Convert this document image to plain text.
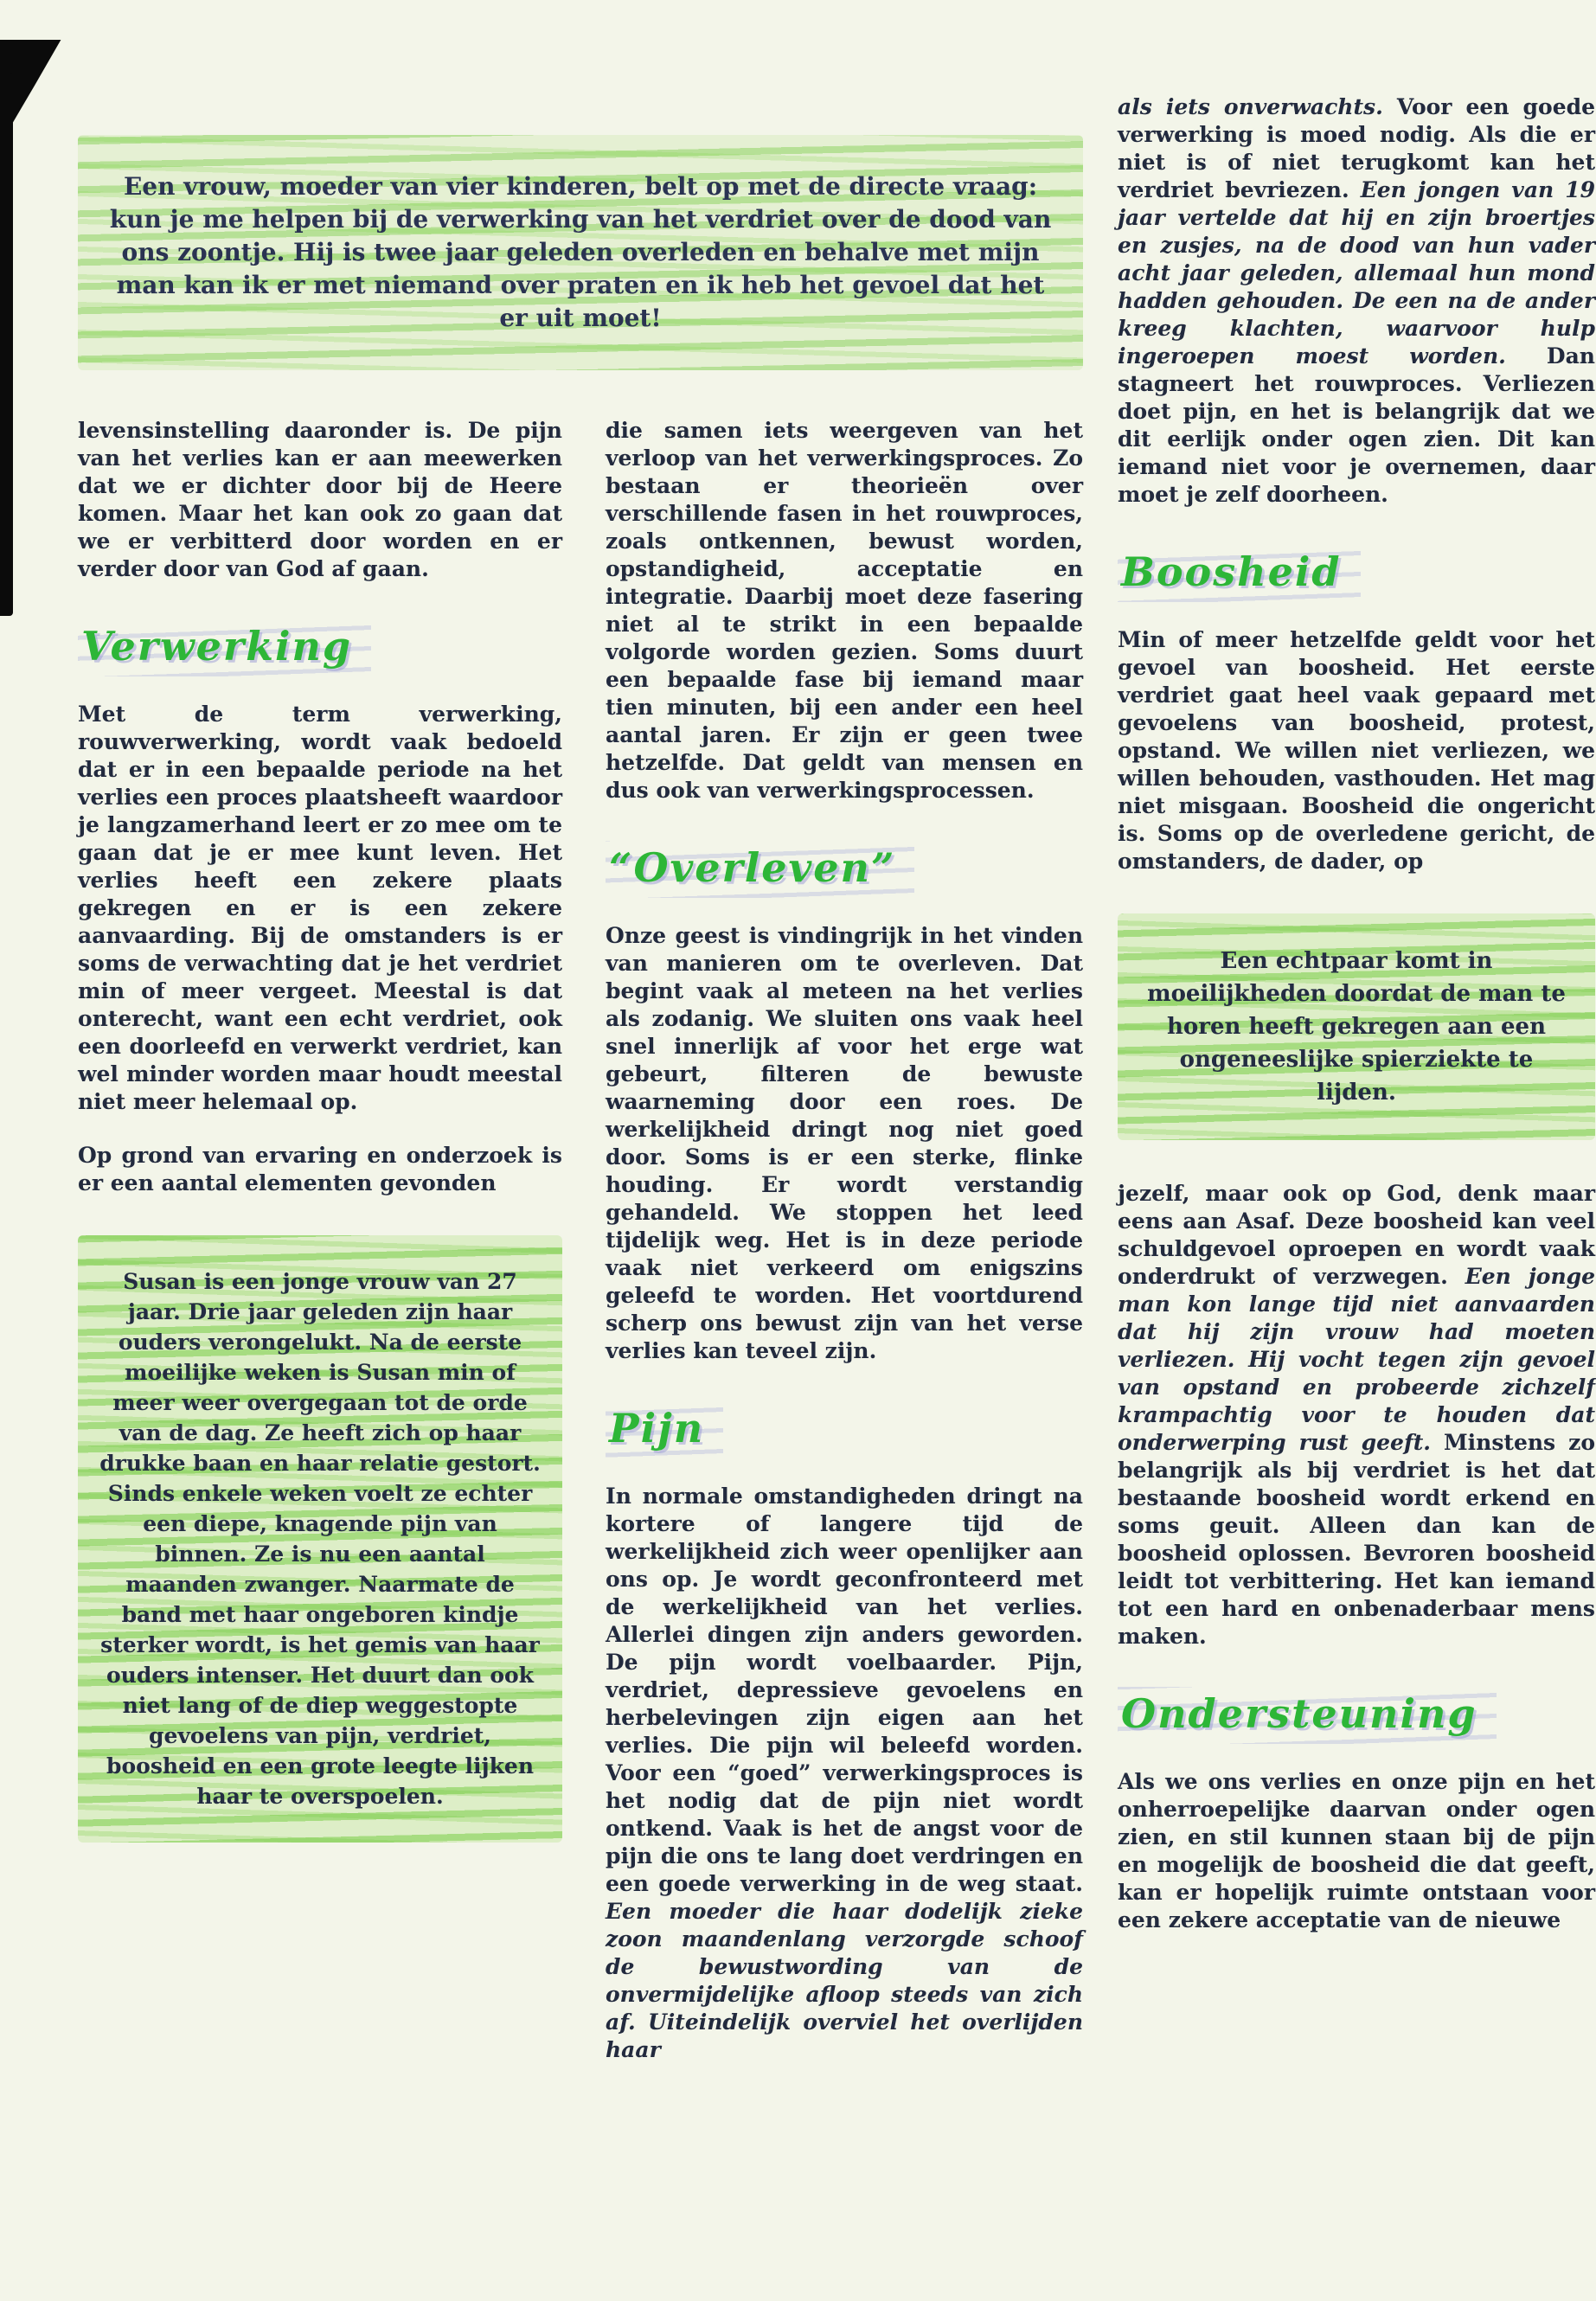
Een vrouw, moeder van vier kinderen, belt op met de directe vraag: kun je me helpen bij de verwerking van het verdriet over de dood van ons zoontje. Hij is twee jaar geleden overleden en behalve met mijn man kan ik er met niemand over praten en ik heb het gevoel dat het er uit moet!

levensinstelling daaronder is. De pijn van het verlies kan er aan meewerken dat we er dichter door bij de Heere komen. Maar het kan ook zo gaan dat we er verbitterd door worden en er verder door van God af gaan.

Verwerking

Met de term verwerking, rouwverwerking, wordt vaak bedoeld dat er in een bepaalde periode na het verlies een proces plaatsheeft waardoor je langzamerhand leert er zo mee om te gaan dat je er mee kunt leven. Het verlies heeft een zekere plaats gekregen en er is een zekere aanvaarding. Bij de omstanders is er soms de verwachting dat je het verdriet min of meer vergeet. Meestal is dat onterecht, want een echt verdriet, ook een doorleefd en verwerkt verdriet, kan wel minder worden maar houdt meestal niet meer helemaal op.

Op grond van ervaring en onderzoek is er een aantal elementen gevonden

Susan is een jonge vrouw van 27 jaar. Drie jaar geleden zijn haar ouders verongelukt. Na de eerste moeilijke weken is Susan min of meer weer overgegaan tot de orde van de dag. Ze heeft zich op haar drukke baan en haar relatie gestort. Sinds enkele weken voelt ze echter een diepe, knagende pijn van binnen. Ze is nu een aantal maanden zwanger. Naarmate de band met haar ongeboren kindje sterker wordt, is het gemis van haar ouders intenser. Het duurt dan ook niet lang of de diep weggestopte gevoelens van pijn, verdriet, boosheid en een grote leegte lijken haar te overspoelen.

die samen iets weergeven van het verloop van het verwerkingsproces. Zo bestaan er theorieën over verschillende fasen in het rouwproces, zoals ontkennen, bewust worden, opstandigheid, acceptatie en integratie. Daarbij moet deze fasering niet al te strikt in een bepaalde volgorde worden gezien. Soms duurt een bepaalde fase bij iemand maar tien minuten, bij een ander een heel aantal jaren. Er zijn er geen twee hetzelfde. Dat geldt van mensen en dus ook van verwerkingsprocessen.

“Overleven”

Onze geest is vindingrijk in het vinden van manieren om te overleven. Dat begint vaak al meteen na het verlies als zodanig. We sluiten ons vaak heel snel innerlijk af voor het erge wat gebeurt, filteren de bewuste waarneming door een roes. De werkelijkheid dringt nog niet goed door. Soms is er een sterke, flinke houding. Er wordt verstandig gehandeld. We stoppen het leed tijdelijk weg. Het is in deze periode vaak niet verkeerd om enigszins geleefd te worden. Het voortdurend scherp ons bewust zijn van het verse verlies kan teveel zijn.

Pijn

In normale omstandigheden dringt na kortere of langere tijd de werkelijkheid zich weer openlijker aan ons op. Je wordt geconfronteerd met de werkelijkheid van het verlies. Allerlei dingen zijn anders geworden. De pijn wordt voelbaarder. Pijn, verdriet, depressieve gevoelens en herbelevingen zijn eigen aan het verlies. Die pijn wil beleefd worden. Voor een “goed” verwerkingsproces is het nodig dat de pijn niet wordt ontkend. Vaak is het de angst voor de pijn die ons te lang doet verdringen en een goede verwerking in de weg staat. Een moeder die haar dodelijk zieke zoon maandenlang verzorgde schoof de bewustwording van de onvermijdelijke afloop steeds van zich af. Uiteindelijk overviel het overlijden haar

als iets onverwachts. Voor een goede verwerking is moed nodig. Als die er niet is of niet terugkomt kan het verdriet bevriezen. Een jongen van 19 jaar vertelde dat hij en zijn broertjes en zusjes, na de dood van hun vader acht jaar geleden, allemaal hun mond hadden gehouden. De een na de ander kreeg klachten, waarvoor hulp ingeroepen moest worden. Dan stagneert het rouwproces. Verliezen doet pijn, en het is belangrijk dat we dit eerlijk onder ogen zien. Dit kan iemand niet voor je overnemen, daar moet je zelf doorheen.

Boosheid

Min of meer hetzelfde geldt voor het gevoel van boosheid. Het eerste verdriet gaat heel vaak gepaard met gevoelens van boosheid, protest, opstand. We willen niet verliezen, we willen behouden, vasthouden. Het mag niet misgaan. Boosheid die ongericht is. Soms op de overledene gericht, de omstanders, de dader, op

Een echtpaar komt in moeilijkheden doordat de man te horen heeft gekregen aan een ongeneeslijke spierziekte te lijden.

jezelf, maar ook op God, denk maar eens aan Asaf. Deze boosheid kan veel schuldgevoel oproepen en wordt vaak onderdrukt of verzwegen. Een jonge man kon lange tijd niet aanvaarden dat hij zijn vrouw had moeten verliezen. Hij vocht tegen zijn gevoel van opstand en probeerde zichzelf krampachtig voor te houden dat onderwerping rust geeft. Minstens zo belangrijk als bij verdriet is het dat bestaande boosheid wordt erkend en soms geuit. Alleen dan kan de boosheid oplossen. Bevroren boosheid leidt tot verbittering. Het kan iemand tot een hard en onbenaderbaar mens maken.

Ondersteuning

Als we ons verlies en onze pijn en het onherroepelijke daarvan onder ogen zien, en stil kunnen staan bij de pijn en mogelijk de boosheid die dat geeft, kan er hopelijk ruimte ontstaan voor een zekere acceptatie van de nieuwe
